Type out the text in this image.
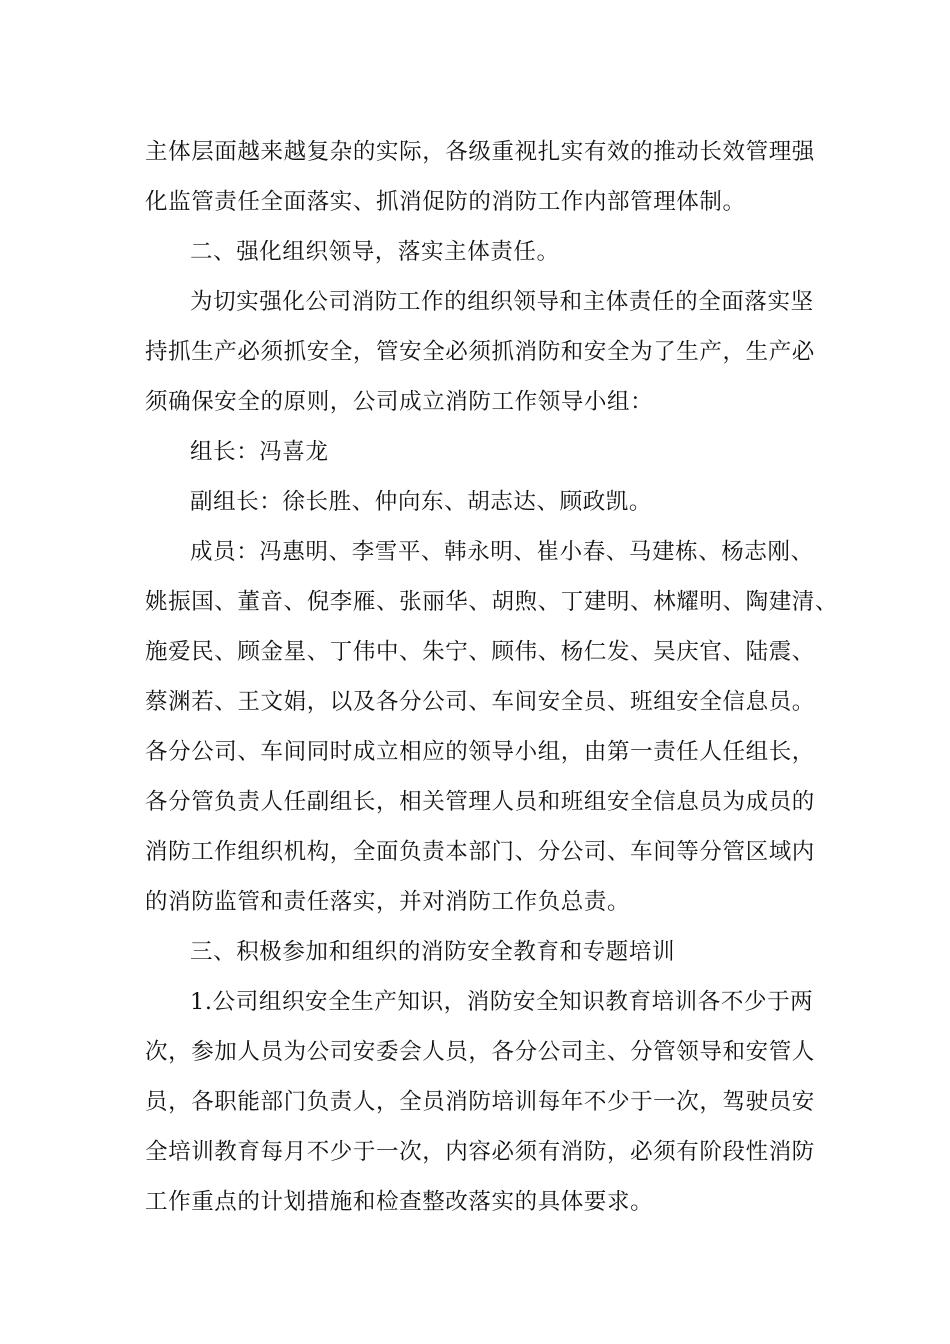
主体层面越来越复杂的实际，各级重视扎实有效的推动长效管理强
化监管责任全面落实、抓消促防的消防工作内部管理体制。
二、强化组织领导，落实主体责任。
为切实强化公司消防工作的组织领导和主体责任的全面落实坚
持抓生产必须抓安全，管安全必须抓消防和安全为了生产，生产必
须确保安全的原则，公司成立消防工作领导小组：
组长：冯喜龙
副组长：徐长胜、仲向东、胡志达、顾政凯。
成员：冯惠明、李雪平、韩永明、崔小春、马建栋、杨志刚、
姚振国、董音、倪李雁、张丽华、胡煦、丁建明、林耀明、陶建清、
施爱民、顾金星、丁伟中、朱宁、顾伟、杨仁发、吴庆官、陆震、
蔡渊若、王文娟，以及各分公司、车间安全员、班组安全信息员。
各分公司、车间同时成立相应的领导小组，由第一责任人任组长，
各分管负责人任副组长，相关管理人员和班组安全信息员为成员的
消防工作组织机构，全面负责本部门、分公司、车间等分管区域内
的消防监管和责任落实，并对消防工作负总责。
三、积极参加和组织的消防安全教育和专题培训
1.公司组织安全生产知识，消防安全知识教育培训各不少于两
次，参加人员为公司安委会人员，各分公司主、分管领导和安管人
员，各职能部门负责人，全员消防培训每年不少于一次，驾驶员安
全培训教育每月不少于一次，内容必须有消防，必须有阶段性消防
工作重点的计划措施和检查整改落实的具体要求。
